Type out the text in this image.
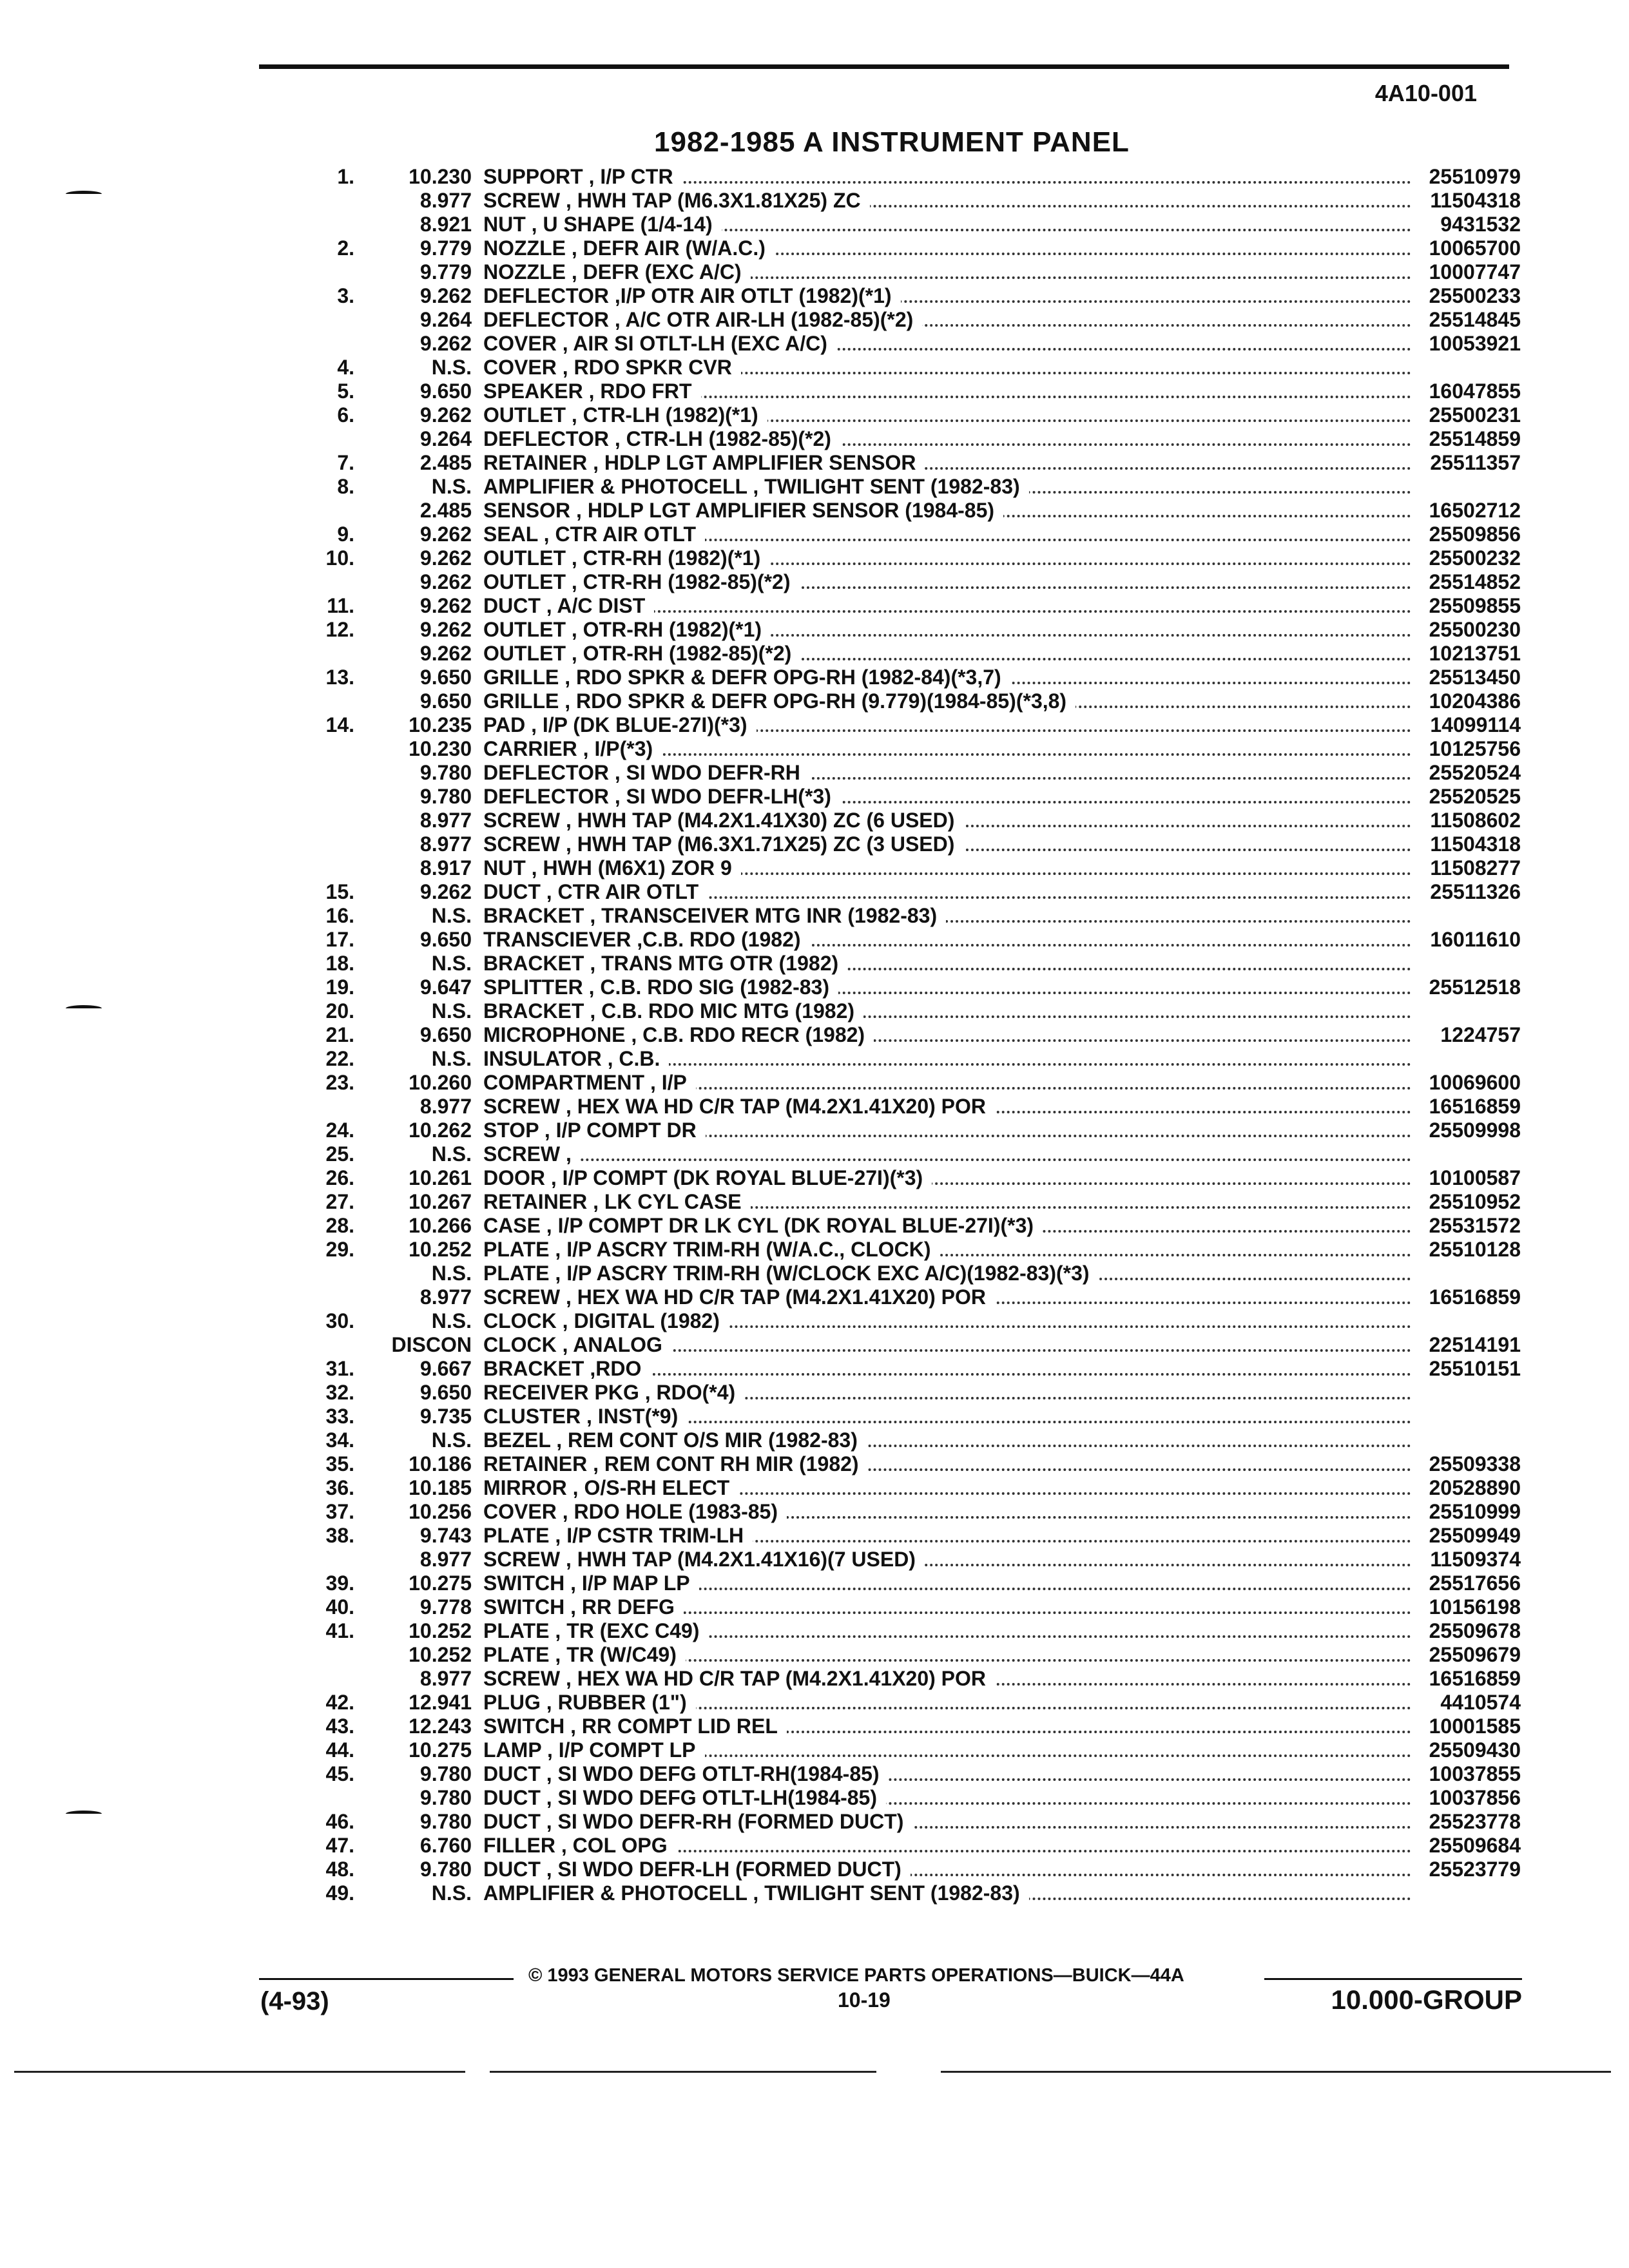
4A10-001
1982-1985 A INSTRUMENT PANEL
1.	10.230 SUPPORT , I/P CTR	25510979
8.977 SCREW , HWH TAP (M6.3X1.81X25) ZC	11504318
8.921 NUT , U SHAPE (1/4-14)	9431532
2.	9.779 NOZZLE , DEFR AIR (W/A.C.)	10065700
9.779 NOZZLE , DEFR (EXC A/C)	10007747
3.	9.262 DEFLECTOR ,I/P OTR AIR OTLT (1982)(*1)	25500233
9.264 DEFLECTOR , A/C OTR AIR-LH (1982-85)(*2)	25514845
9.262 COVER , AIR SI OTLT-LH (EXC A/C)	10053921
4.	N.S. COVER , RDO SPKR CVR
5.	9.650 SPEAKER , RDO FRT	16047855
6.	9.262 OUTLET , CTR-LH (1982)(*1)	25500231
9.264 DEFLECTOR , CTR-LH (1982-85)(*2)	25514859
7.	2.485 RETAINER , HDLP LGT AMPLIFIER SENSOR	25511357
8.	N.S. AMPLIFIER & PHOTOCELL , TWILIGHT SENT (1982-83)
2.485 SENSOR , HDLP LGT AMPLIFIER SENSOR (1984-85)	16502712
9.	9.262 SEAL , CTR AIR OTLT	25509856
10.	9.262 OUTLET , CTR-RH (1982)(*1)	25500232
9.262 OUTLET , CTR-RH (1982-85)(*2)	25514852
11.	9.262 DUCT , A/C DIST	25509855
12.	9.262 OUTLET , OTR-RH (1982)(*1)	25500230
9.262 OUTLET , OTR-RH (1982-85)(*2)	10213751
13.	9.650 GRILLE , RDO SPKR & DEFR OPG-RH (1982-84)(*3,7)	25513450
9.650 GRILLE , RDO SPKR & DEFR OPG-RH (9.779)(1984-85)(*3,8)	10204386
14.	10.235 PAD , I/P (DK BLUE-27I)(*3)	14099114
10.230 CARRIER , I/P(*3)	10125756
9.780 DEFLECTOR , SI WDO DEFR-RH	25520524
9.780 DEFLECTOR , SI WDO DEFR-LH(*3)	25520525
8.977 SCREW , HWH TAP (M4.2X1.41X30) ZC (6 USED)	11508602
8.977 SCREW , HWH TAP (M6.3X1.71X25) ZC (3 USED)	11504318
8.917 NUT , HWH (M6X1) ZOR 9	11508277
15.	9.262 DUCT , CTR AIR OTLT	25511326
16.	N.S. BRACKET , TRANSCEIVER MTG INR (1982-83)
17.	9.650 TRANSCIEVER ,C.B. RDO (1982)	16011610
18.	N.S. BRACKET , TRANS MTG OTR (1982)
19.	9.647 SPLITTER , C.B. RDO SIG (1982-83)	25512518
20.	N.S. BRACKET , C.B. RDO MIC MTG (1982)
21.	9.650 MICROPHONE , C.B. RDO RECR (1982)	1224757
22.	N.S. INSULATOR , C.B.
23.	10.260 COMPARTMENT , I/P	10069600
8.977 SCREW , HEX WA HD C/R TAP (M4.2X1.41X20) POR	16516859
24.	10.262 STOP , I/P COMPT DR	25509998
25.	N.S. SCREW ,
26.	10.261 DOOR , I/P COMPT (DK ROYAL BLUE-27I)(*3)	10100587
27.	10.267 RETAINER , LK CYL CASE	25510952
28.	10.266 CASE , I/P COMPT DR LK CYL (DK ROYAL BLUE-27I)(*3)	25531572
29.	10.252 PLATE , I/P ASCRY TRIM-RH (W/A.C., CLOCK)	25510128
N.S. PLATE , I/P ASCRY TRIM-RH (W/CLOCK EXC A/C)(1982-83)(*3)
8.977 SCREW , HEX WA HD C/R TAP (M4.2X1.41X20) POR	16516859
30.	N.S. CLOCK , DIGITAL (1982)
DISCON CLOCK , ANALOG	22514191
31.	9.667 BRACKET ,RDO	25510151
32.	9.650 RECEIVER PKG , RDO(*4)
33.	9.735 CLUSTER , INST(*9)
34.	N.S. BEZEL , REM CONT O/S MIR (1982-83)
35.	10.186 RETAINER , REM CONT RH MIR (1982)	25509338
36.	10.185 MIRROR , O/S-RH ELECT	20528890
37.	10.256 COVER , RDO HOLE (1983-85)	25510999
38.	9.743 PLATE , I/P CSTR TRIM-LH	25509949
8.977 SCREW , HWH TAP (M4.2X1.41X16)(7 USED)	11509374
39.	10.275 SWITCH , I/P MAP LP	25517656
40.	9.778 SWITCH , RR DEFG	10156198
41.	10.252 PLATE , TR (EXC C49)	25509678
10.252 PLATE , TR (W/C49)	25509679
8.977 SCREW , HEX WA HD C/R TAP (M4.2X1.41X20) POR	16516859
42.	12.941 PLUG , RUBBER (1")	4410574
43.	12.243 SWITCH , RR COMPT LID REL	10001585
44.	10.275 LAMP , I/P COMPT LP	25509430
45.	9.780 DUCT , SI WDO DEFG OTLT-RH(1984-85)	10037855
9.780 DUCT , SI WDO DEFG OTLT-LH(1984-85)	10037856
46.	9.780 DUCT , SI WDO DEFR-RH (FORMED DUCT)	25523778
47.	6.760 FILLER , COL OPG	25509684
48.	9.780 DUCT , SI WDO DEFR-LH (FORMED DUCT)	25523779
49.	N.S. AMPLIFIER & PHOTOCELL , TWILIGHT SENT (1982-83)
© 1993 GENERAL MOTORS SERVICE PARTS OPERATIONS—BUICK—44A
(4-93)	10-19	10.000-GROUP
